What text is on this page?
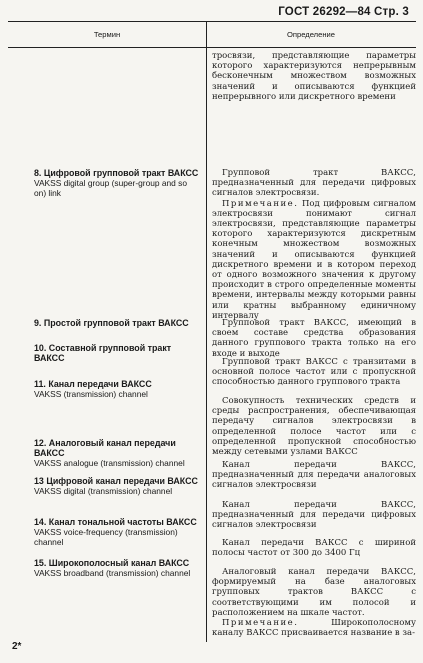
ГОСТ 26292—84 Стр. 3
Термин	Определение
8. Цифровой групповой тракт ВАКСС
VAKSS digital group (super-group and so on) link
9. Простой групповой тракт ВАКСС
10. Составной групповой тракт ВАКСС
11. Канал передачи ВАКСС
VAKSS (transmission) channel
12. Аналоговый канал передачи ВАКСС
VAKSS analogue (transmission) channel
13 Цифровой канал передачи ВАКСС
VAKSS digital (transmission) channel
14. Канал тональной частоты ВАКСС
VAKSS voice-frequency (transmission) channel
15. Широкополосный канал ВАКСС
VAKSS broadband (transmission) channel

тросвязи, представляющие параметры которого характеризуются непрерывным бесконечным множеством возможных значений и описываются функцией непрерывного или дискретного времени

Групповой тракт ВАКСС, предназначенный для передачи цифровых сигналов электросвязи.

Примечание. Под цифровым сигналом электросвязи понимают сигнал электросвязи, представляющие параметры которого характеризуются дискретным конечным множеством возможных значений и описываются функцией дискретного времени и в котором переход от одного возможного значения к другому происходит в строго определенные моменты времени, интервалы между которыми равны или кратны выбранному единичному интервалу

Групповой тракт ВАКСС, имеющий в своем составе средства образования данного группового тракта только на его входе и выходе

Групповой тракт ВАКСС с транзитами в основной полосе частот или с пропускной способностью данного группового тракта

Совокупность технических средств и среды распространения, обеспечивающая передачу сигналов электросвязи в определенной полосе частот или с определенной пропускной способностью между сетевыми узлами ВАКСС

Канал передачи ВАКСС, предназначенный для передачи аналоговых сигналов электросвязи

Канал передачи ВАКСС, предназначенный для передачи цифровых сигналов электросвязи

Канал передачи ВАКСС с шириной полосы частот от 300 до 3400 Гц

Аналоговый канал передачи ВАКСС, формируемый на базе аналоговых групповых трактов ВАКСС с соответствующими им полосой и расположением на шкале частот.

Примечание. Широкополосному каналу ВАКСС присваивается название в за-

2*
